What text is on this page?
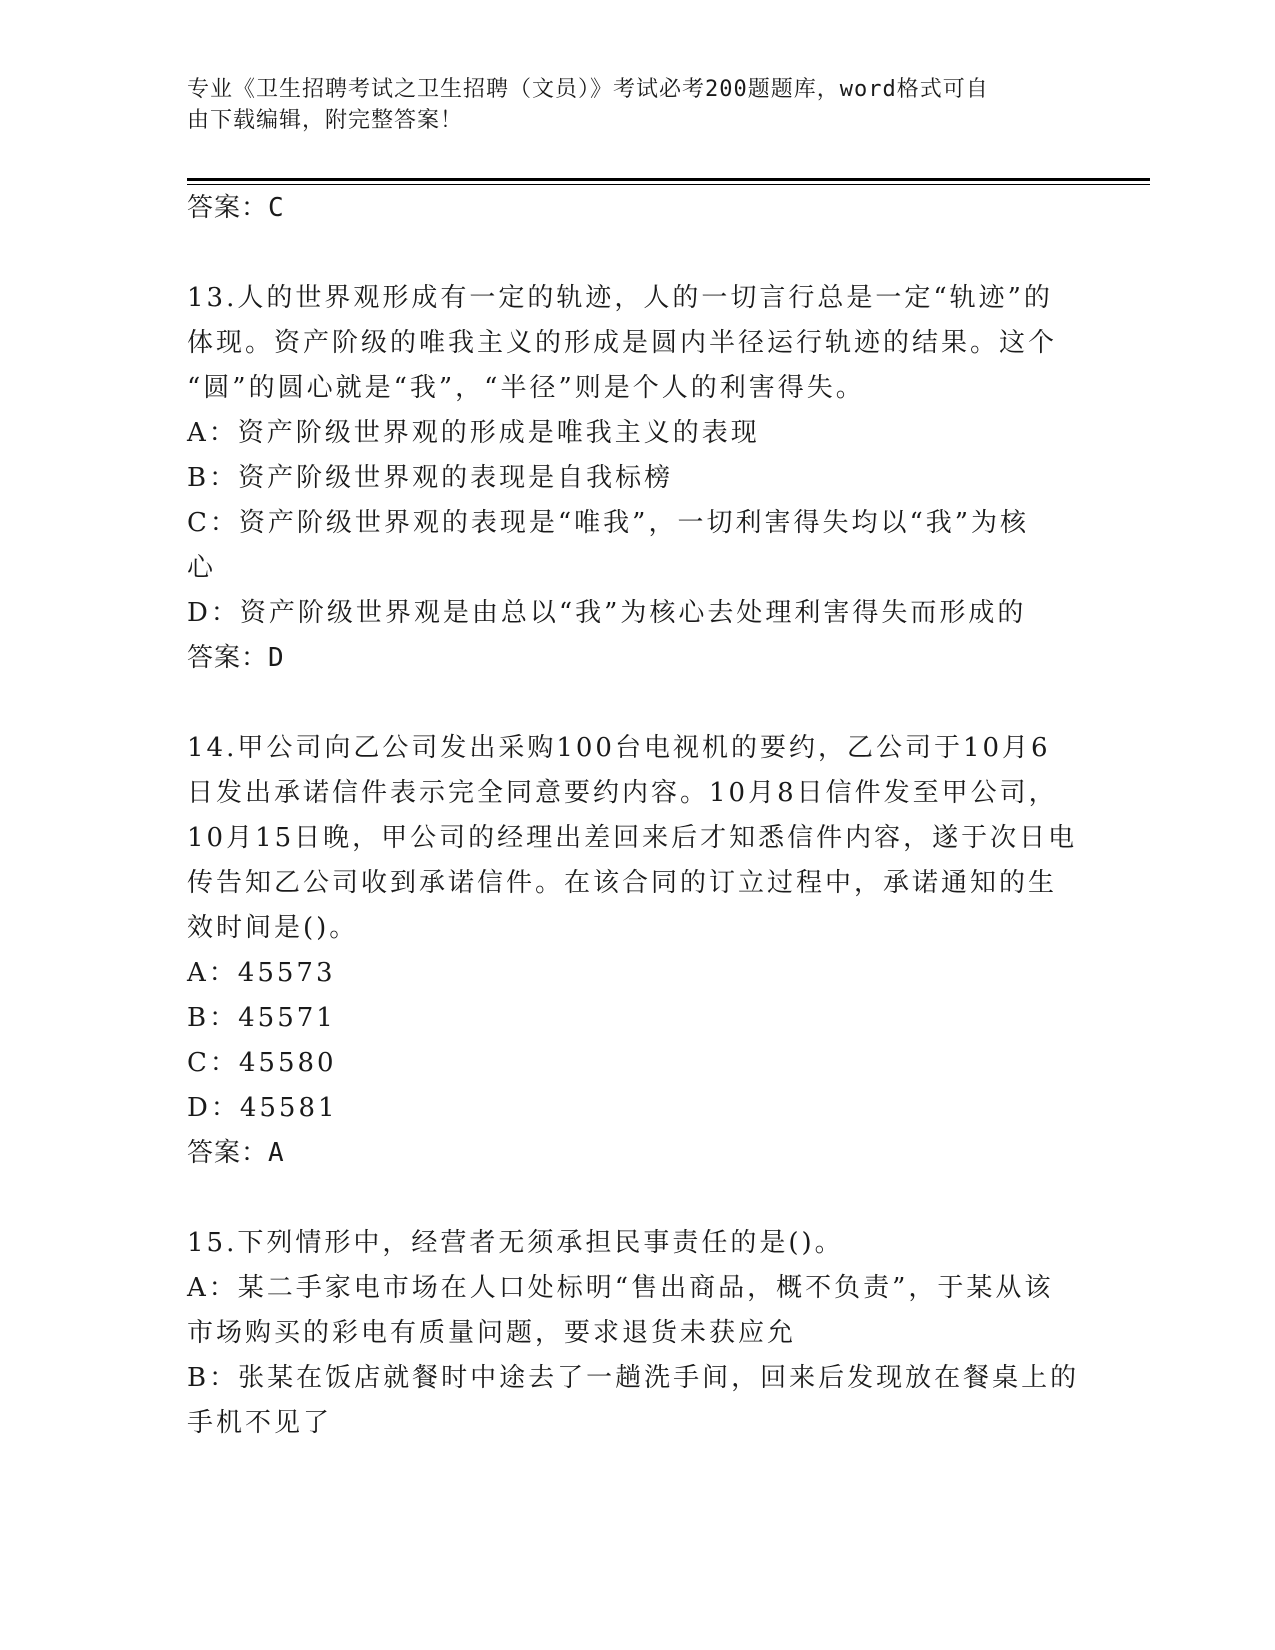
专业《卫生招聘考试之卫生招聘（文员）》考试必考200题题库，word格式可自
由下载编辑，附完整答案！
答案：C
13.人的世界观形成有一定的轨迹，人的一切言行总是一定“轨迹”的
体现。资产阶级的唯我主义的形成是圆内半径运行轨迹的结果。这个
“圆”的圆心就是“我”，“半径”则是个人的利害得失。
A：资产阶级世界观的形成是唯我主义的表现
B：资产阶级世界观的表现是自我标榜
C：资产阶级世界观的表现是“唯我”，一切利害得失均以“我”为核
心
D：资产阶级世界观是由总以“我”为核心去处理利害得失而形成的
答案：D
14.甲公司向乙公司发出采购100台电视机的要约，乙公司于10月6
日发出承诺信件表示完全同意要约内容。10月8日信件发至甲公司，
10月15日晚，甲公司的经理出差回来后才知悉信件内容，遂于次日电
传告知乙公司收到承诺信件。在该合同的订立过程中，承诺通知的生
效时间是()。
A：45573
B：45571
C：45580
D：45581
答案：A
15.下列情形中，经营者无须承担民事责任的是()。
A：某二手家电市场在人口处标明“售出商品，概不负责”，于某从该
市场购买的彩电有质量问题，要求退货未获应允
B：张某在饭店就餐时中途去了一趟洗手间，回来后发现放在餐桌上的
手机不见了
